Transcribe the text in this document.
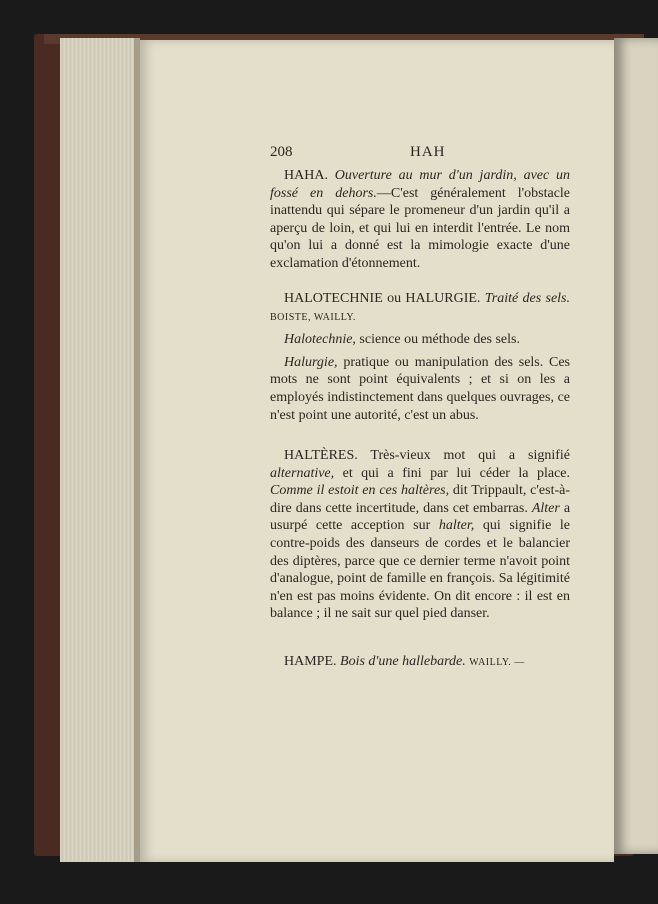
208	HAH

HAHA. Ouverture au mur d'un jardin, avec un fossé en dehors.—C'est généralement l'obstacle inattendu qui sépare le promeneur d'un jardin qu'il a aperçu de loin, et qui lui en interdit l'entrée. Le nom qu'on lui a donné est la mimologie exacte d'une exclamation d'étonnement.

HALOTECHNIE ou HALURGIE. Traité des sels. BOISTE, WAILLY.

Halotechnie, science ou méthode des sels.

Halurgie, pratique ou manipulation des sels. Ces mots ne sont point équivalents ; et si on les a employés indistinctement dans quelques ouvrages, ce n'est point une autorité, c'est un abus.

HALTÈRES. Très-vieux mot qui a signifié alternative, et qui a fini par lui céder la place. Comme il estoit en ces haltères, dit Trippault, c'est-à-dire dans cette incertitude, dans cet embarras. Alter a usurpé cette acception sur halter, qui signifie le contre-poids des danseurs de cordes et le balancier des diptères, parce que ce dernier terme n'avoit point d'analogue, point de famille en françois. Sa légitimité n'en est pas moins évidente. On dit encore : il est en balance ; il ne sait sur quel pied danser.

HAMPE. Bois d'une hallebarde. WAILLY. —
